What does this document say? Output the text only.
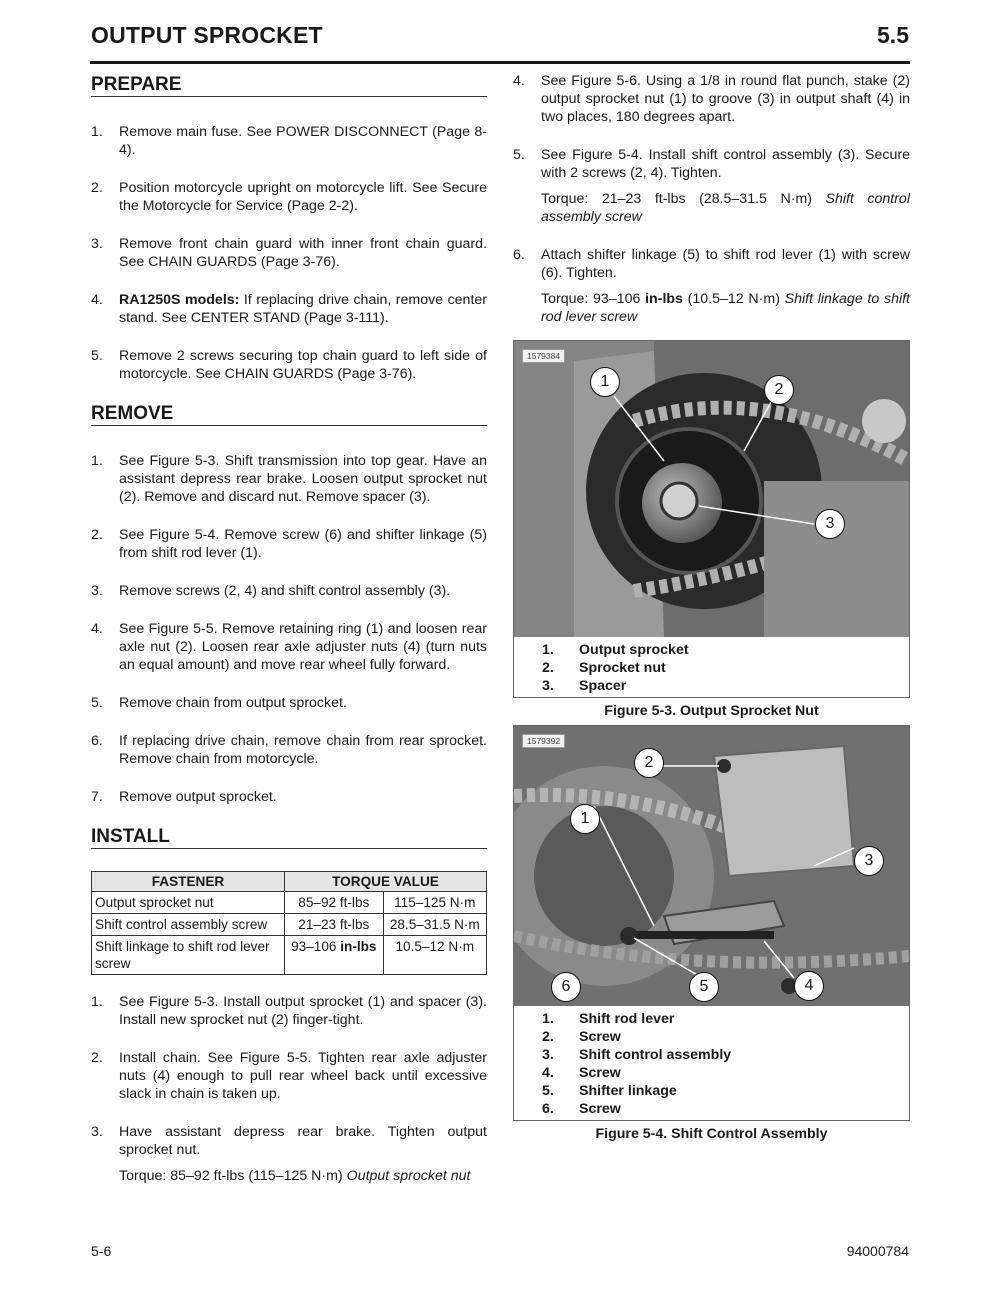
OUTPUT SPROCKET	5.5
PREPARE
1.	Remove main fuse. See POWER DISCONNECT (Page 8-4).
2.	Position motorcycle upright on motorcycle lift. See Secure the Motorcycle for Service (Page 2-2).
3.	Remove front chain guard with inner front chain guard. See CHAIN GUARDS (Page 3-76).
4.	RA1250S models: If replacing drive chain, remove center stand. See CENTER STAND (Page 3-111).
5.	Remove 2 screws securing top chain guard to left side of motorcycle. See CHAIN GUARDS (Page 3-76).
REMOVE
1.	See Figure 5-3. Shift transmission into top gear. Have an assistant depress rear brake. Loosen output sprocket nut (2). Remove and discard nut. Remove spacer (3).
2.	See Figure 5-4. Remove screw (6) and shifter linkage (5) from shift rod lever (1).
3.	Remove screws (2, 4) and shift control assembly (3).
4.	See Figure 5-5. Remove retaining ring (1) and loosen rear axle nut (2). Loosen rear axle adjuster nuts (4) (turn nuts an equal amount) and move rear wheel fully forward.
5.	Remove chain from output sprocket.
6.	If replacing drive chain, remove chain from rear sprocket. Remove chain from motorcycle.
7.	Remove output sprocket.
INSTALL
FASTENER	TORQUE VALUE	
Output sprocket nut	85–92 ft-lbs	115–125 N·m
Shift control assembly screw	21–23 ft-lbs	28.5–31.5 N·m
Shift linkage to shift rod lever screw	93–106 in-lbs	10.5–12 N·m
1.	See Figure 5-3. Install output sprocket (1) and spacer (3). Install new sprocket nut (2) finger-tight.
2.	Install chain. See Figure 5-5. Tighten rear axle adjuster nuts (4) enough to pull rear wheel back until excessive slack in chain is taken up.
3.	Have assistant depress rear brake. Tighten output sprocket nut.
Torque: 85–92 ft-lbs (115–125 N·m) Output sprocket nut
4.	See Figure 5-6. Using a 1/8 in round flat punch, stake (2) output sprocket nut (1) to groove (3) in output shaft (4) in two places, 180 degrees apart.
5.	See Figure 5-4. Install shift control assembly (3). Secure with 2 screws (2, 4). Tighten.
Torque: 21–23 ft-lbs (28.5–31.5 N·m) Shift control assembly screw
6.	Attach shifter linkage (5) to shift rod lever (1) with screw (6). Tighten.
Torque: 93–106 in-lbs (10.5–12 N·m) Shift linkage to shift rod lever screw
1579384
1	2
3
1.	Output sprocket
2.	Sprocket nut
3.	Spacer
Figure 5-3. Output Sprocket Nut
1579392
1
2
3
4
5
6
1.	Shift rod lever
2.	Screw
3.	Shift control assembly
4.	Screw
5.	Shifter linkage
6.	Screw
Figure 5-4. Shift Control Assembly
5-6	94000784
